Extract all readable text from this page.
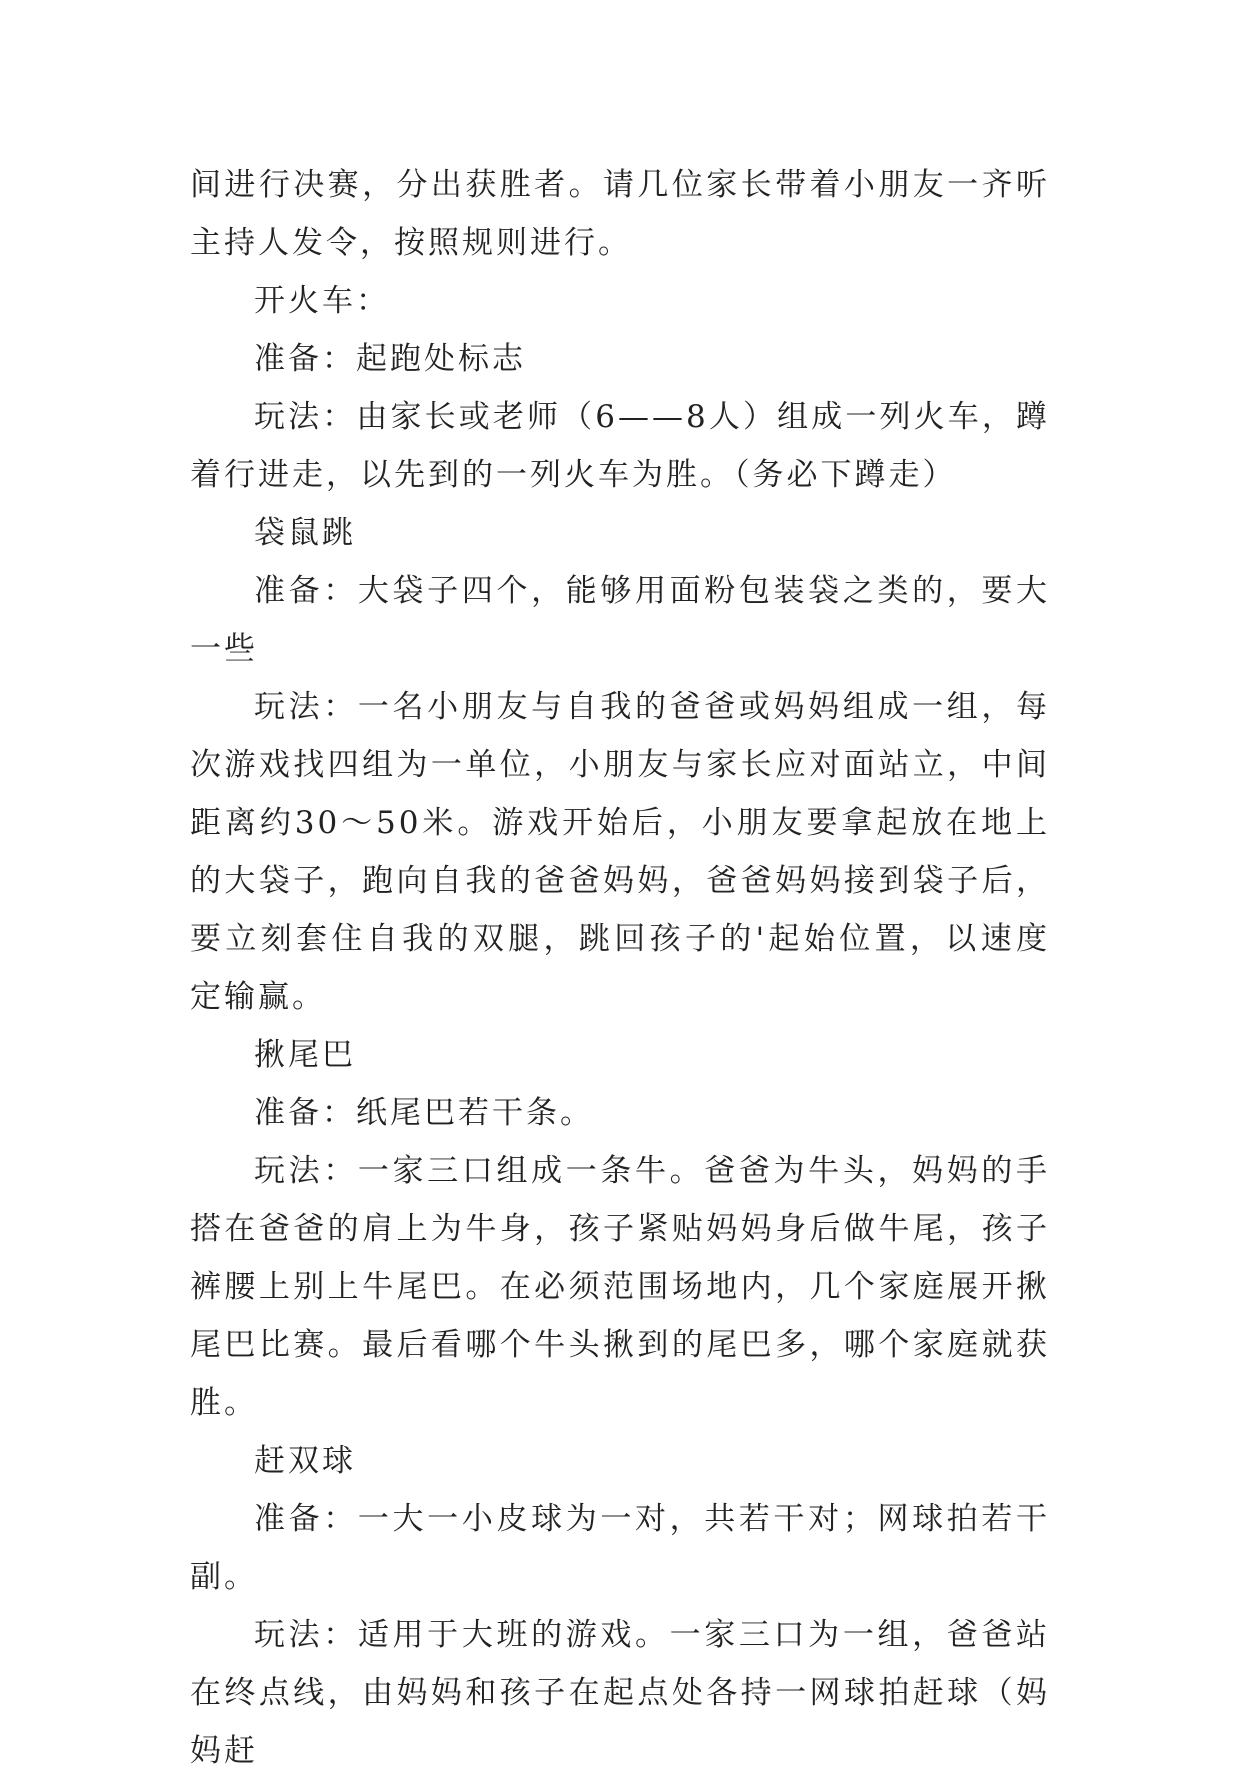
间进行决赛，分出获胜者。请几位家长带着小朋友一齐听主持人发令，按照规则进行。

开火车：

准备：起跑处标志

玩法：由家长或老师（6——8人）组成一列火车，蹲着行进走，以先到的一列火车为胜。（务必下蹲走）

袋鼠跳

准备：大袋子四个，能够用面粉包装袋之类的，要大一些

玩法：一名小朋友与自我的爸爸或妈妈组成一组，每次游戏找四组为一单位，小朋友与家长应对面站立，中间距离约30～50米。游戏开始后，小朋友要拿起放在地上的大袋子，跑向自我的爸爸妈妈，爸爸妈妈接到袋子后，要立刻套住自我的双腿，跳回孩子的'起始位置，以速度定输赢。

揪尾巴

准备：纸尾巴若干条。

玩法：一家三口组成一条牛。爸爸为牛头，妈妈的手搭在爸爸的肩上为牛身，孩子紧贴妈妈身后做牛尾，孩子裤腰上别上牛尾巴。在必须范围场地内，几个家庭展开揪尾巴比赛。最后看哪个牛头揪到的尾巴多，哪个家庭就获胜。

赶双球

准备：一大一小皮球为一对，共若干对；网球拍若干副。

玩法：适用于大班的游戏。一家三口为一组，爸爸站在终点线，由妈妈和孩子在起点处各持一网球拍赶球（妈妈赶
